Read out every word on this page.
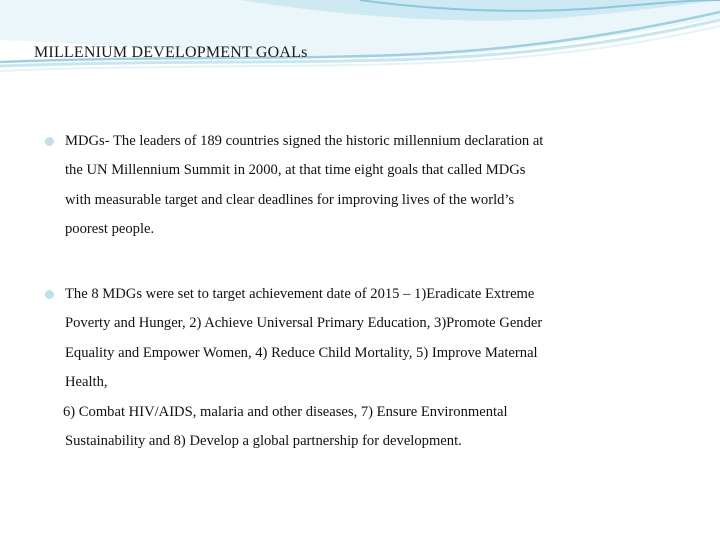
MILLENIUM DEVELOPMENT GOALs
MDGs- The leaders of 189 countries signed the historic millennium declaration at
the UN Millennium Summit in 2000, at that time eight goals that called MDGs
with measurable target and clear deadlines for improving lives of the world’s
poorest people.
The 8 MDGs were set to target achievement date of 2015 – 1)Eradicate Extreme
Poverty and Hunger, 2) Achieve Universal Primary Education, 3)Promote Gender
Equality and Empower Women, 4) Reduce Child Mortality, 5) Improve Maternal
Health,
6) Combat HIV/AIDS, malaria and other diseases, 7) Ensure Environmental
Sustainability and 8) Develop a global partnership for development.
